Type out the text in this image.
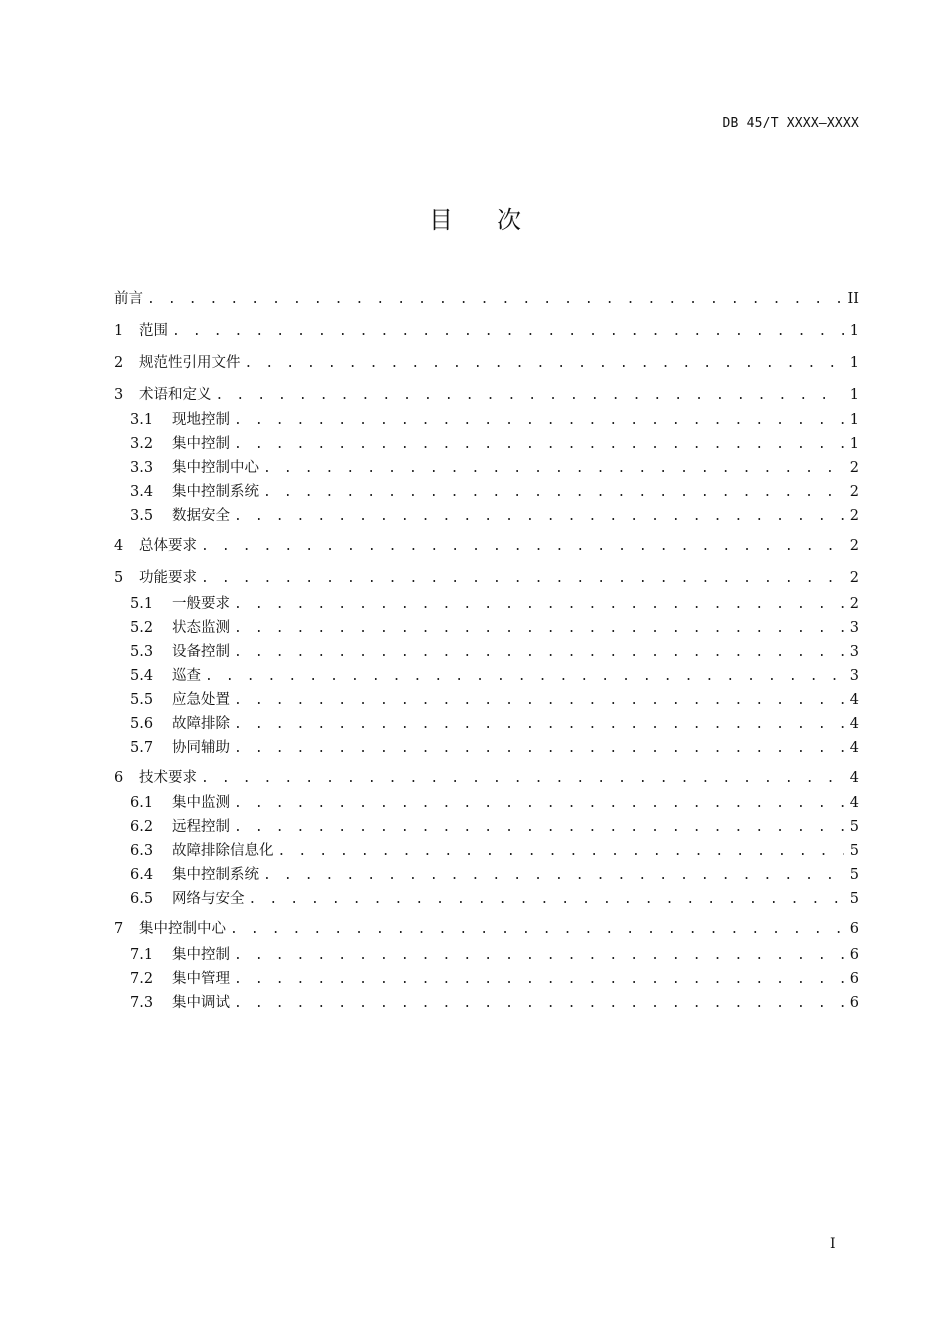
DB 45/T XXXX—XXXX
目 次
前言 . . .	II
1	范围 . . .	1
2	规范性引用文件 . . .	1
3	术语和定义 . . .	1
3.1	现地控制 . . .	1
3.2	集中控制 . . .	1
3.3	集中控制中心 . . .	2
3.4	集中控制系统 . . .	2
3.5	数据安全 . . .	2
4	总体要求 . . .	2
5	功能要求 . . .	2
5.1	一般要求 . . .	2
5.2	状态监测 . . .	3
5.3	设备控制 . . .	3
5.4	巡查 . . .	3
5.5	应急处置 . . .	4
5.6	故障排除 . . .	4
5.7	协同辅助 . . .	4
6	技术要求 . . .	4
6.1	集中监测 . . .	4
6.2	远程控制 . . .	5
6.3	故障排除信息化 . . .	5
6.4	集中控制系统 . . .	5
6.5	网络与安全 . . .	5
7	集中控制中心 . . .	6
7.1	集中控制 . . .	6
7.2	集中管理 . . .	6
7.3	集中调试 . . .	6
I
